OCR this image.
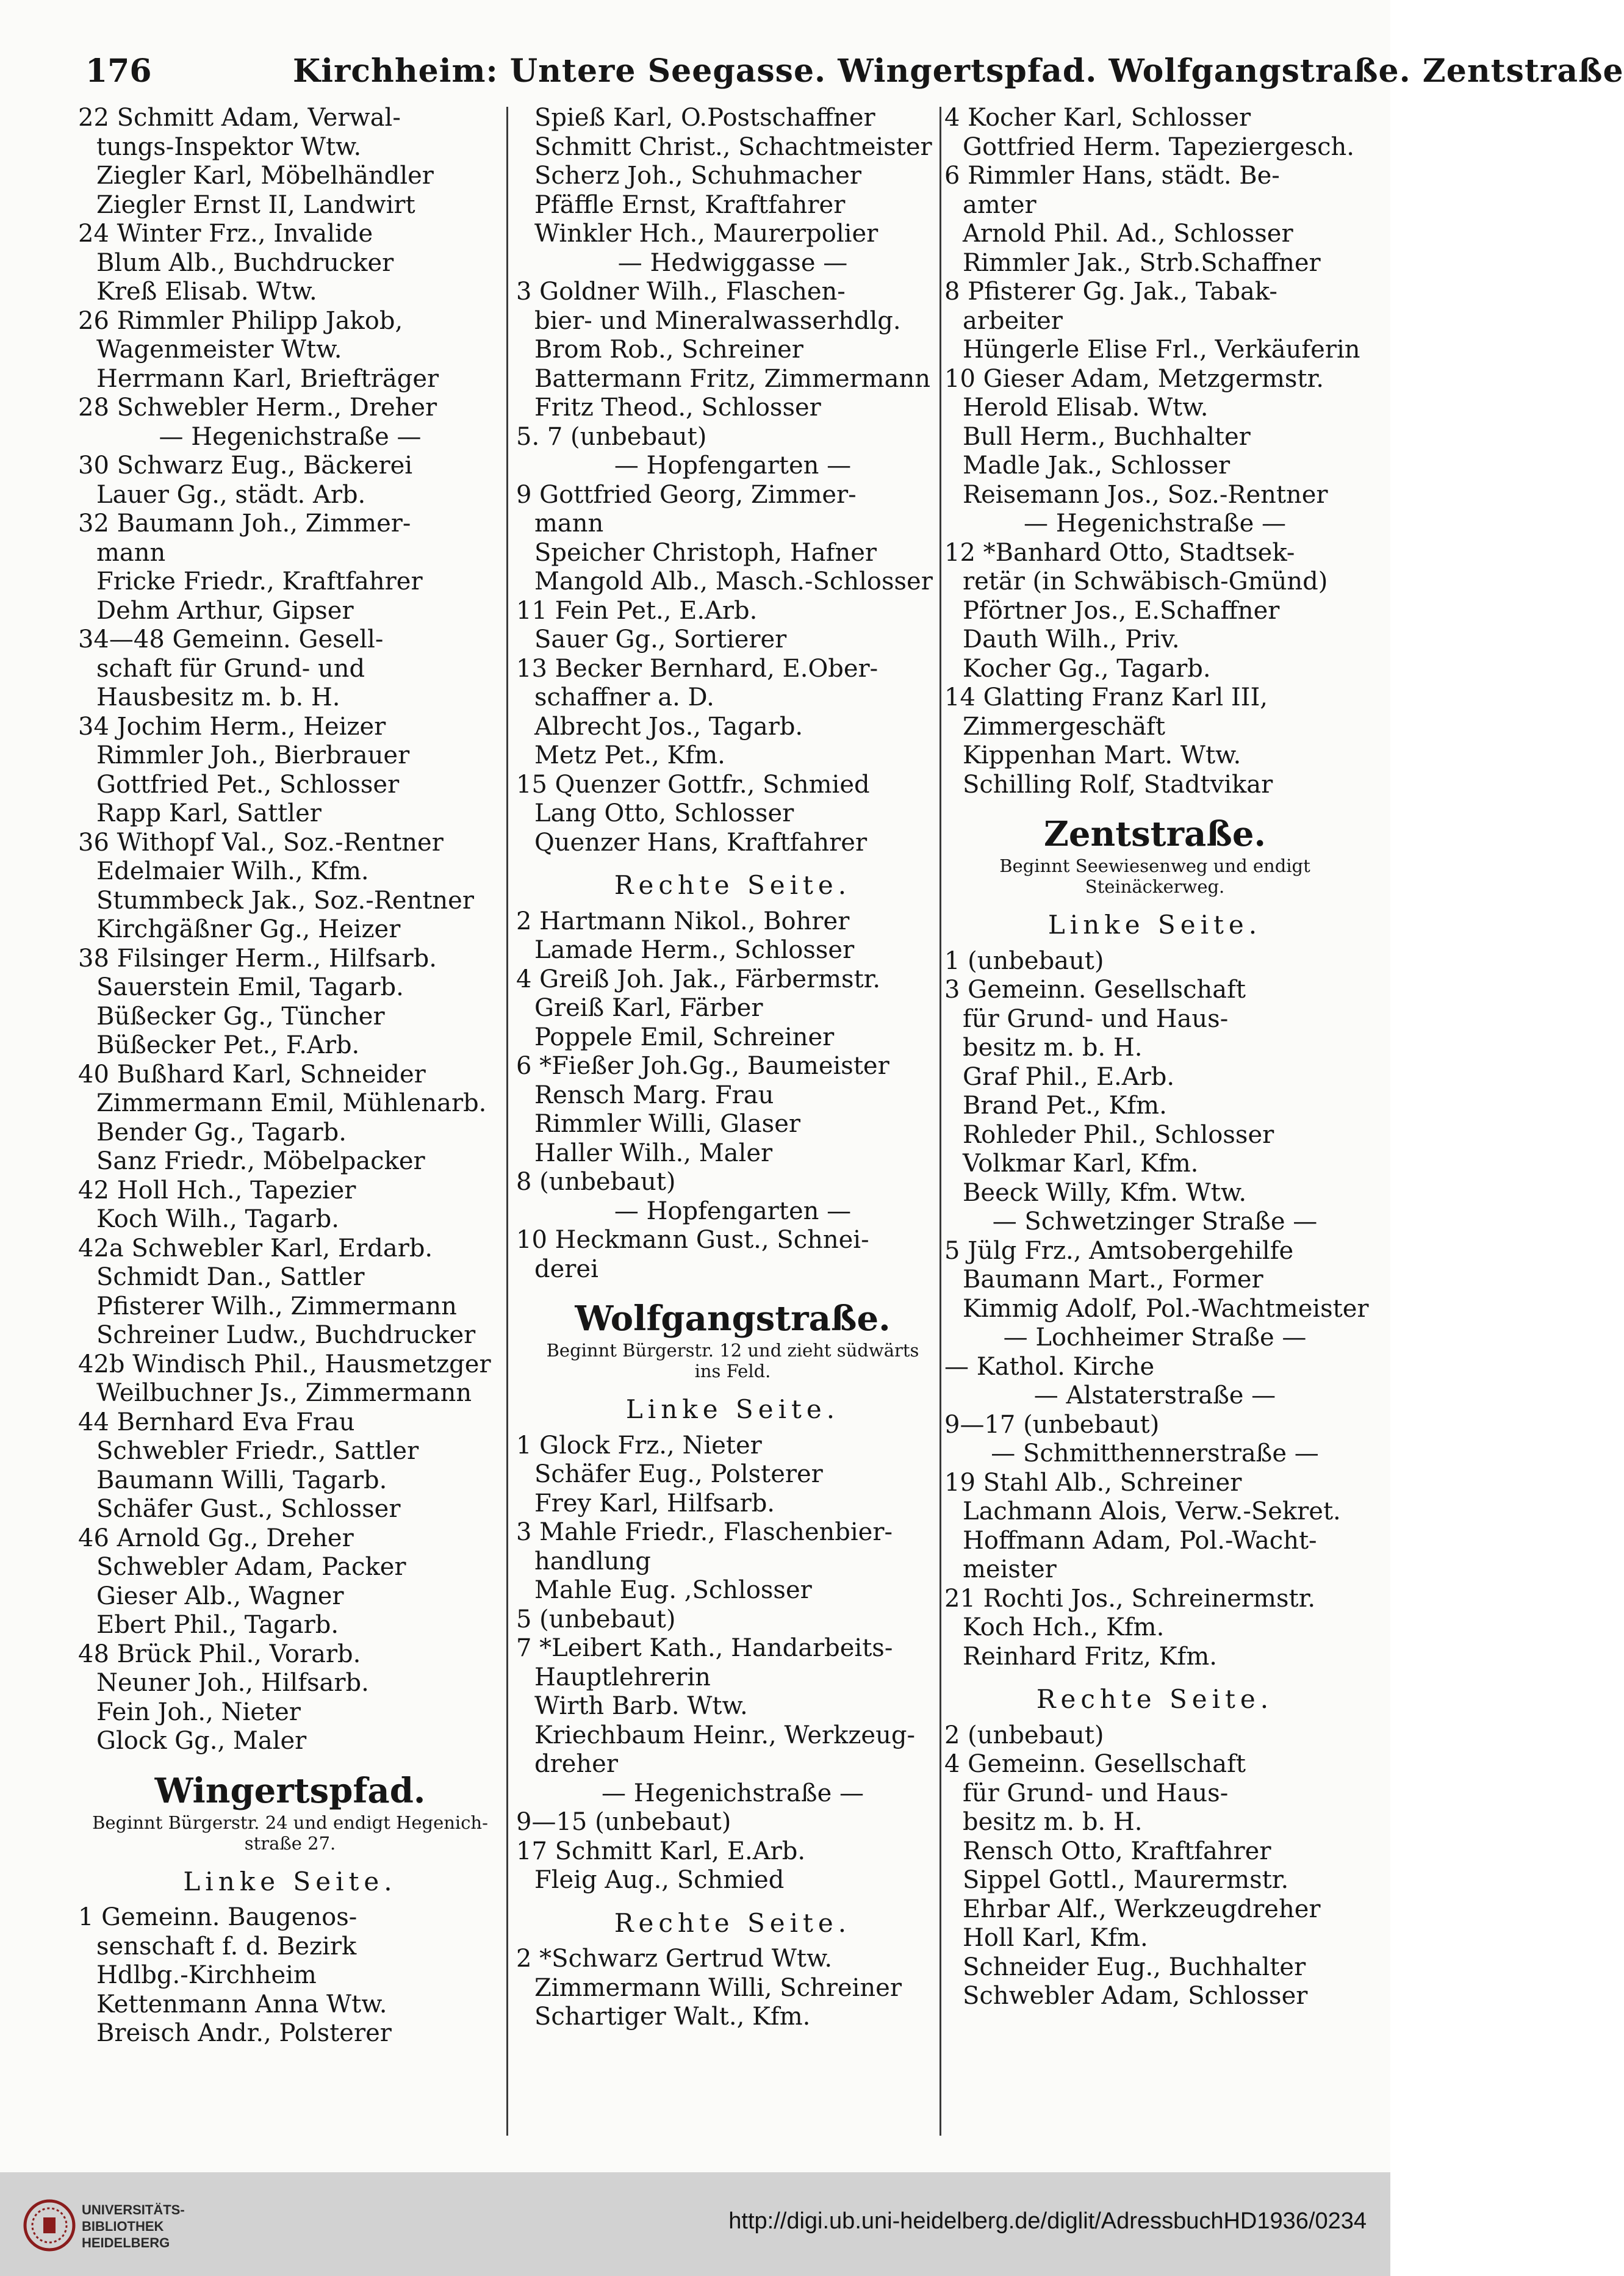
176	Kirchheim: Untere Seegasse. Wingertspfad. Wolfgangstraße. Zentstraße
22 Schmitt Adam, Verwal-
tungs-Inspektor Wtw.
Ziegler Karl, Möbelhändler
Ziegler Ernst II, Landwirt
24 Winter Frz., Invalide
Blum Alb., Buchdrucker
Kreß Elisab. Wtw.
26 Rimmler Philipp Jakob,
Wagenmeister Wtw.
Herrmann Karl, Briefträger
28 Schwebler Herm., Dreher
— Hegenichstraße —
30 Schwarz Eug., Bäckerei
Lauer Gg., städt. Arb.
32 Baumann Joh., Zimmer-
mann
Fricke Friedr., Kraftfahrer
Dehm Arthur, Gipser
34—48 Gemeinn. Gesell-
schaft für Grund- und
Hausbesitz m. b. H.
34 Jochim Herm., Heizer
Rimmler Joh., Bierbrauer
Gottfried Pet., Schlosser
Rapp Karl, Sattler
36 Withopf Val., Soz.-Rentner
Edelmaier Wilh., Kfm.
Stummbeck Jak., Soz.-Rentner
Kirchgäßner Gg., Heizer
38 Filsinger Herm., Hilfsarb.
Sauerstein Emil, Tagarb.
Büßecker Gg., Tüncher
Büßecker Pet., F.Arb.
40 Bußhard Karl, Schneider
Zimmermann Emil, Mühlenarb.
Bender Gg., Tagarb.
Sanz Friedr., Möbelpacker
42 Holl Hch., Tapezier
Koch Wilh., Tagarb.
42a Schwebler Karl, Erdarb.
Schmidt Dan., Sattler
Pfisterer Wilh., Zimmermann
Schreiner Ludw., Buchdrucker
42b Windisch Phil., Hausmetzger
Weilbuchner Js., Zimmermann
44 Bernhard Eva Frau
Schwebler Friedr., Sattler
Baumann Willi, Tagarb.
Schäfer Gust., Schlosser
46 Arnold Gg., Dreher
Schwebler Adam, Packer
Gieser Alb., Wagner
Ebert Phil., Tagarb.
48 Brück Phil., Vorarb.
Neuner Joh., Hilfsarb.
Fein Joh., Nieter
Glock Gg., Maler
Wingertspfad.
Beginnt Bürgerstr. 24 und endigt Hegenich-
straße 27.
Linke Seite.
1 Gemeinn. Baugenos-
senschaft f. d. Bezirk
Hdlbg.-Kirchheim
Kettenmann Anna Wtw.
Breisch Andr., Polsterer
Spieß Karl, O.Postschaffner
Schmitt Christ., Schachtmeister
Scherz Joh., Schuhmacher
Pfäffle Ernst, Kraftfahrer
Winkler Hch., Maurerpolier
— Hedwiggasse —
3 Goldner Wilh., Flaschen-
bier- und Mineralwasserhdlg.
Brom Rob., Schreiner
Battermann Fritz, Zimmermann
Fritz Theod., Schlosser
5. 7 (unbebaut)
— Hopfengarten —
9 Gottfried Georg, Zimmer-
mann
Speicher Christoph, Hafner
Mangold Alb., Masch.-Schlosser
11 Fein Pet., E.Arb.
Sauer Gg., Sortierer
13 Becker Bernhard, E.Ober-
schaffner a. D.
Albrecht Jos., Tagarb.
Metz Pet., Kfm.
15 Quenzer Gottfr., Schmied
Lang Otto, Schlosser
Quenzer Hans, Kraftfahrer
Rechte Seite.
2 Hartmann Nikol., Bohrer
Lamade Herm., Schlosser
4 Greiß Joh. Jak., Färbermstr.
Greiß Karl, Färber
Poppele Emil, Schreiner
6 *Fießer Joh.Gg., Baumeister
Rensch Marg. Frau
Rimmler Willi, Glaser
Haller Wilh., Maler
8 (unbebaut)
— Hopfengarten —
10 Heckmann Gust., Schnei-
derei
Wolfgangstraße.
Beginnt Bürgerstr. 12 und zieht südwärts
ins Feld.
Linke Seite.
1 Glock Frz., Nieter
Schäfer Eug., Polsterer
Frey Karl, Hilfsarb.
3 Mahle Friedr., Flaschenbier-
handlung
Mahle Eug. ,Schlosser
5 (unbebaut)
7 *Leibert Kath., Handarbeits-
Hauptlehrerin
Wirth Barb. Wtw.
Kriechbaum Heinr., Werkzeug-
dreher
— Hegenichstraße —
9—15 (unbebaut)
17 Schmitt Karl, E.Arb.
Fleig Aug., Schmied
Rechte Seite.
2 *Schwarz Gertrud Wtw.
Zimmermann Willi, Schreiner
Schartiger Walt., Kfm.
4 Kocher Karl, Schlosser
Gottfried Herm. Tapeziergesch.
6 Rimmler Hans, städt. Be-
amter
Arnold Phil. Ad., Schlosser
Rimmler Jak., Strb.Schaffner
8 Pfisterer Gg. Jak., Tabak-
arbeiter
Hüngerle Elise Frl., Verkäuferin
10 Gieser Adam, Metzgermstr.
Herold Elisab. Wtw.
Bull Herm., Buchhalter
Madle Jak., Schlosser
Reisemann Jos., Soz.-Rentner
— Hegenichstraße —
12 *Banhard Otto, Stadtsek-
retär (in Schwäbisch-Gmünd)
Pförtner Jos., E.Schaffner
Dauth Wilh., Priv.
Kocher Gg., Tagarb.
14 Glatting Franz Karl III,
Zimmergeschäft
Kippenhan Mart. Wtw.
Schilling Rolf, Stadtvikar
Zentstraße.
Beginnt Seewiesenweg und endigt
Steinäckerweg.
Linke Seite.
1 (unbebaut)
3 Gemeinn. Gesellschaft
für Grund- und Haus-
besitz m. b. H.
Graf Phil., E.Arb.
Brand Pet., Kfm.
Rohleder Phil., Schlosser
Volkmar Karl, Kfm.
Beeck Willy, Kfm. Wtw.
— Schwetzinger Straße —
5 Jülg Frz., Amtsobergehilfe
Baumann Mart., Former
Kimmig Adolf, Pol.-Wachtmeister
— Lochheimer Straße —
— Kathol. Kirche
— Alstaterstraße —
9—17 (unbebaut)
— Schmitthennerstraße —
19 Stahl Alb., Schreiner
Lachmann Alois, Verw.-Sekret.
Hoffmann Adam, Pol.-Wacht-
meister
21 Rochti Jos., Schreinermstr.
Koch Hch., Kfm.
Reinhard Fritz, Kfm.
Rechte Seite.
2 (unbebaut)
4 Gemeinn. Gesellschaft
für Grund- und Haus-
besitz m. b. H.
Rensch Otto, Kraftfahrer
Sippel Gottl., Maurermstr.
Ehrbar Alf., Werkzeugdreher
Holl Karl, Kfm.
Schneider Eug., Buchhalter
Schwebler Adam, Schlosser
UNIVERSITÄTS-
BIBLIOTHEK
HEIDELBERG
http://digi.ub.uni-heidelberg.de/diglit/AdressbuchHD1936/0234
